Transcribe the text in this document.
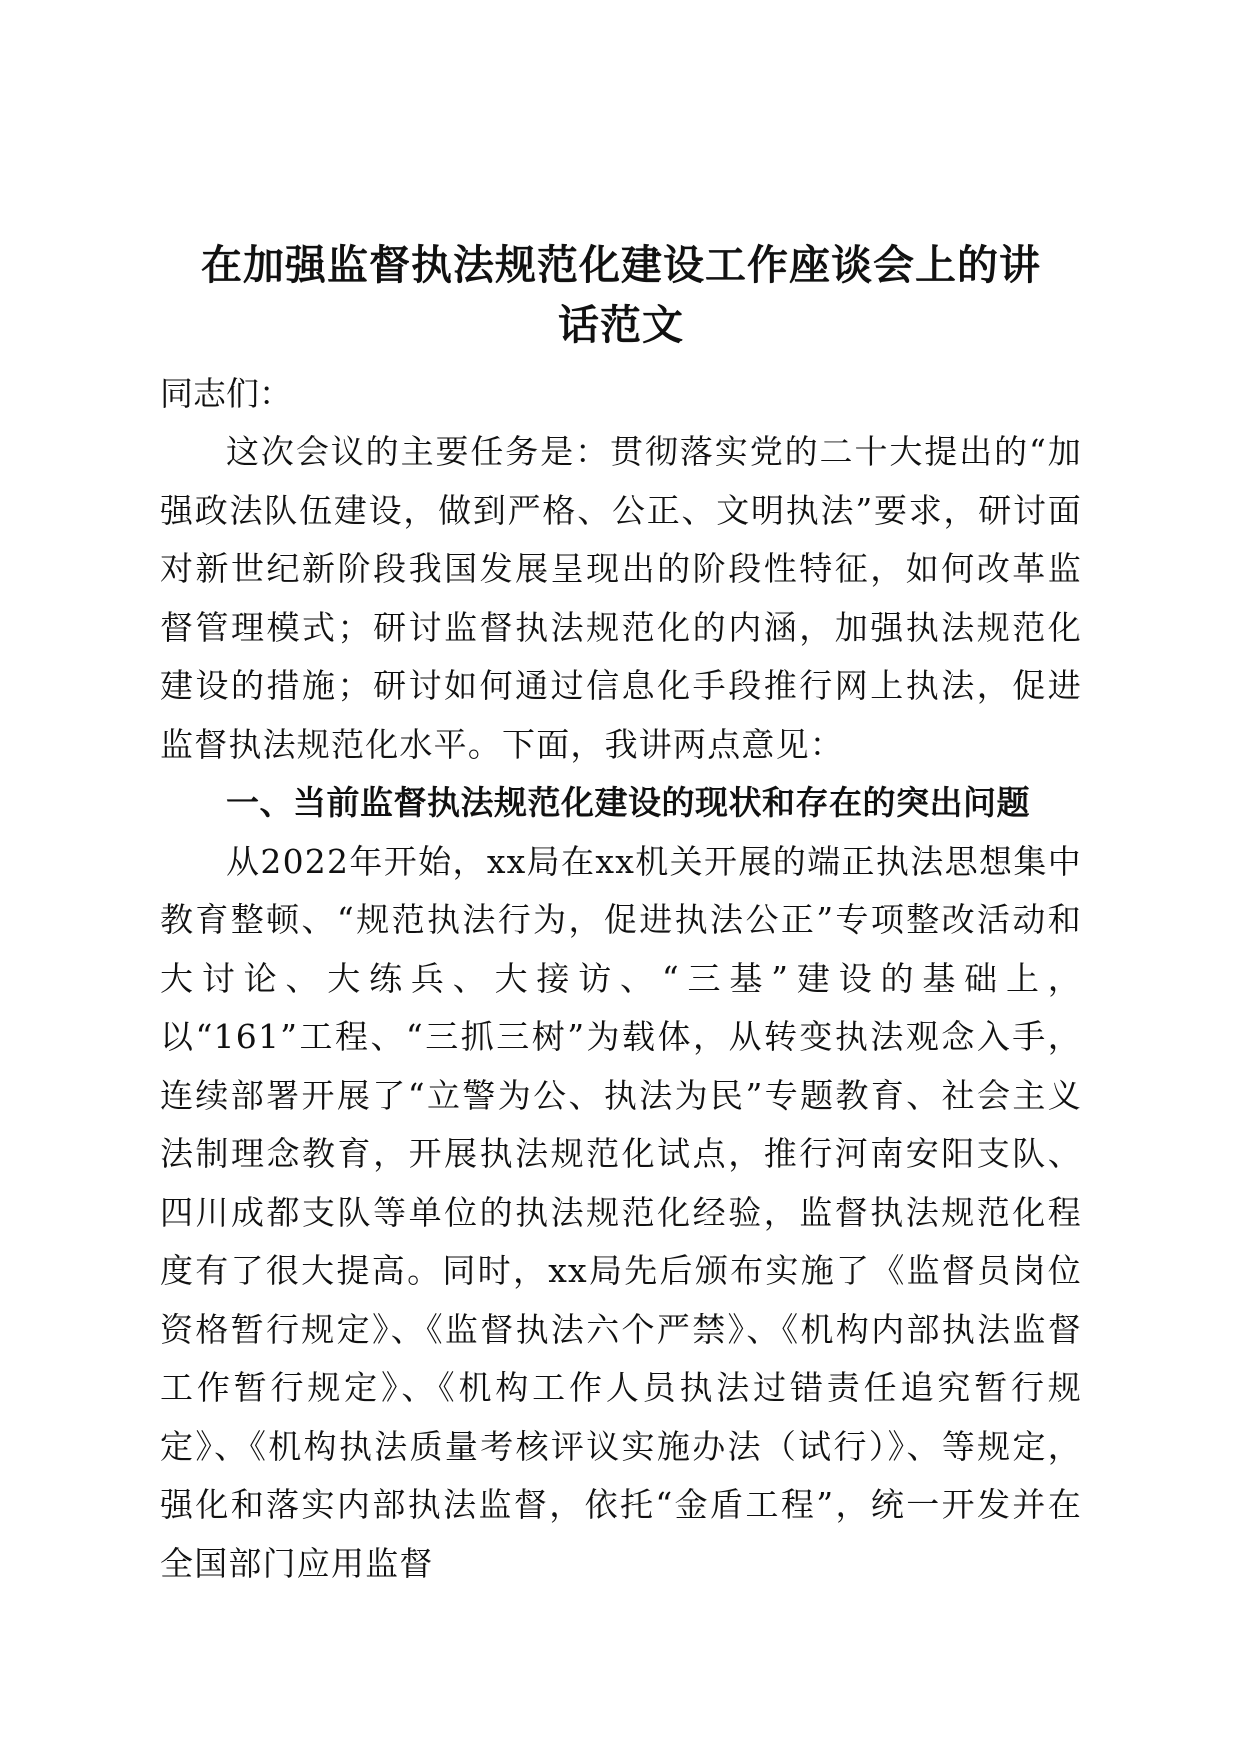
在加强监督执法规范化建设工作座谈会上的讲
话范文

同志们：

这次会议的主要任务是：贯彻落实党的二十大提出的“加强政法队伍建设，做到严格、公正、文明执法”要求，研讨面对新世纪新阶段我国发展呈现出的阶段性特征，如何改革监督管理模式；研讨监督执法规范化的内涵，加强执法规范化建设的措施；研讨如何通过信息化手段推行网上执法，促进监督执法规范化水平。下面，我讲两点意见：

一、当前监督执法规范化建设的现状和存在的突出问题

从2022年开始，xx局在xx机关开展的端正执法思想集中教育整顿、“规范执法行为，促进执法公正”专项整改活动和大讨论、大练兵、大接访、“三基”建设的基础上，以“161”工程、“三抓三树”为载体，从转变执法观念入手，连续部署开展了“立警为公、执法为民”专题教育、社会主义法制理念教育，开展执法规范化试点，推行河南安阳支队、四川成都支队等单位的执法规范化经验，监督执法规范化程度有了很大提高。同时，xx局先后颁布实施了《监督员岗位资格暂行规定》、《监督执法六个严禁》、《机构内部执法监督工作暂行规定》、《机构工作人员执法过错责任追究暂行规定》、《机构执法质量考核评议实施办法（试行）》、等规定，强化和落实内部执法监督，依托“金盾工程”，统一开发并在全国部门应用监督
